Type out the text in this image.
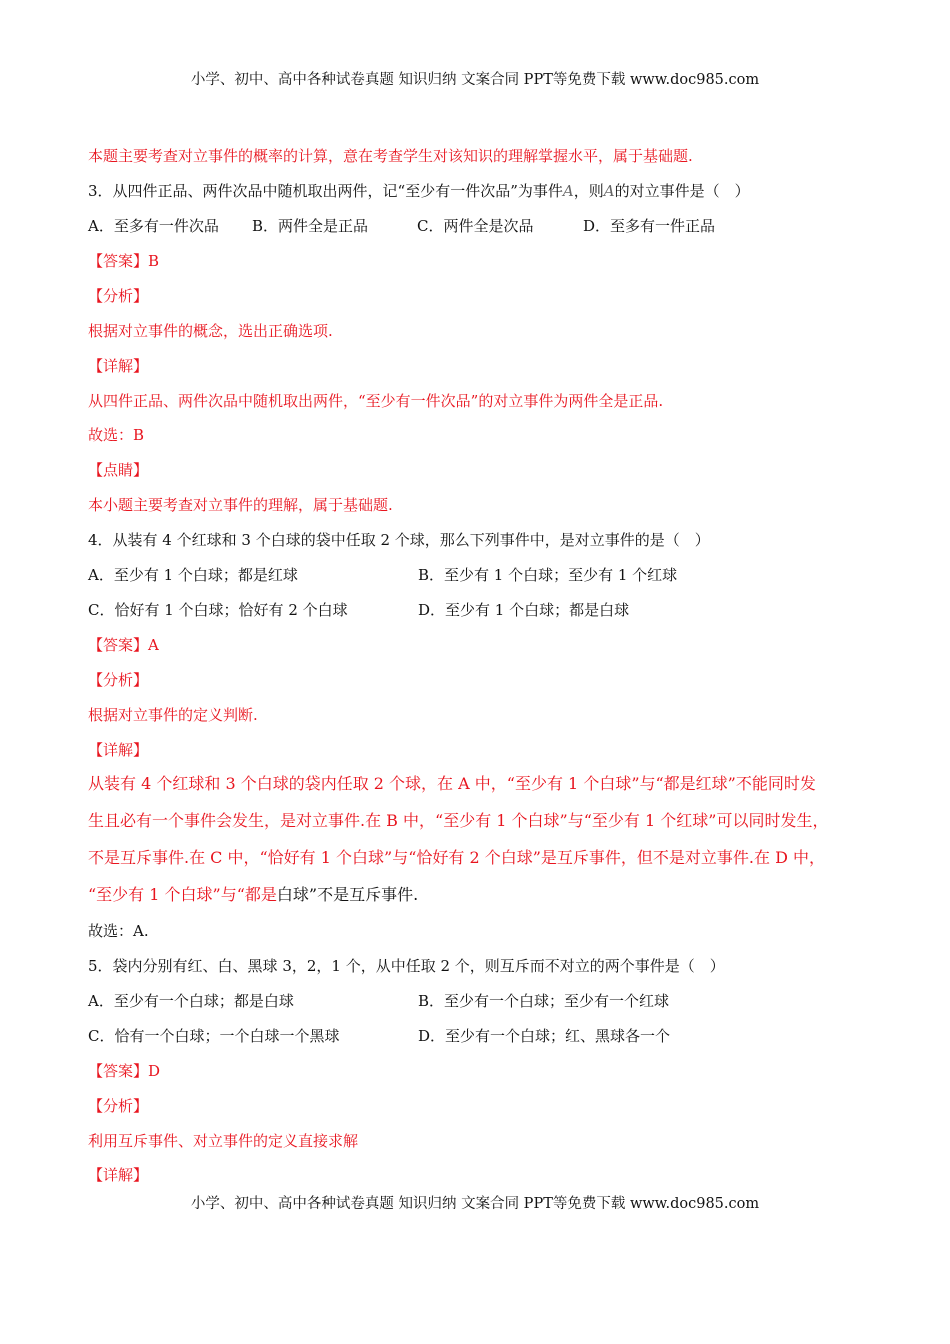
小学、初中、高中各种试卷真题 知识归纳 文案合同 PPT等免费下载 www.doc985.com
本题主要考查对立事件的概率的计算，意在考查学生对该知识的理解掌握水平，属于基础题.
3．从四件正品、两件次品中随机取出两件，记“至少有一件次品”为事件A，则A的对立事件是（　）
A．至多有一件次品 B．两件全是正品	C．两件全是次品	D．至多有一件正品
【答案】B
【分析】
根据对立事件的概念，选出正确选项.
【详解】
从四件正品、两件次品中随机取出两件，“至少有一件次品”的对立事件为两件全是正品.
故选：B
【点睛】
本小题主要考查对立事件的理解，属于基础题.
4．从装有 4 个红球和 3 个白球的袋中任取 2 个球，那么下列事件中，是对立事件的是（　）
A．至少有 1 个白球；都是红球	B．至少有 1 个白球；至少有 1 个红球
C．恰好有 1 个白球；恰好有 2 个白球	D．至少有 1 个白球；都是白球
【答案】A
【分析】
根据对立事件的定义判断.
【详解】
从装有 4 个红球和 3 个白球的袋内任取 2 个球，在 A 中，“至少有 1 个白球”与“都是红球”不能同时发
生且必有一个事件会发生，是对立事件.在 B 中，“至少有 1 个白球”与“至少有 1 个红球”可以同时发生，
不是互斥事件.在 C 中，“恰好有 1 个白球”与“恰好有 2 个白球”是互斥事件，但不是对立事件.在 D 中，
“至少有 1 个白球”与“都是白球”不是互斥事件.
故选：A.
5．袋内分别有红、白、黑球 3，2，1 个，从中任取 2 个，则互斥而不对立的两个事件是（　）
A．至少有一个白球；都是白球	B．至少有一个白球；至少有一个红球
C．恰有一个白球；一个白球一个黑球	D．至少有一个白球；红、黑球各一个
【答案】D
【分析】
利用互斥事件、对立事件的定义直接求解
【详解】
小学、初中、高中各种试卷真题 知识归纳 文案合同 PPT等免费下载 www.doc985.com
